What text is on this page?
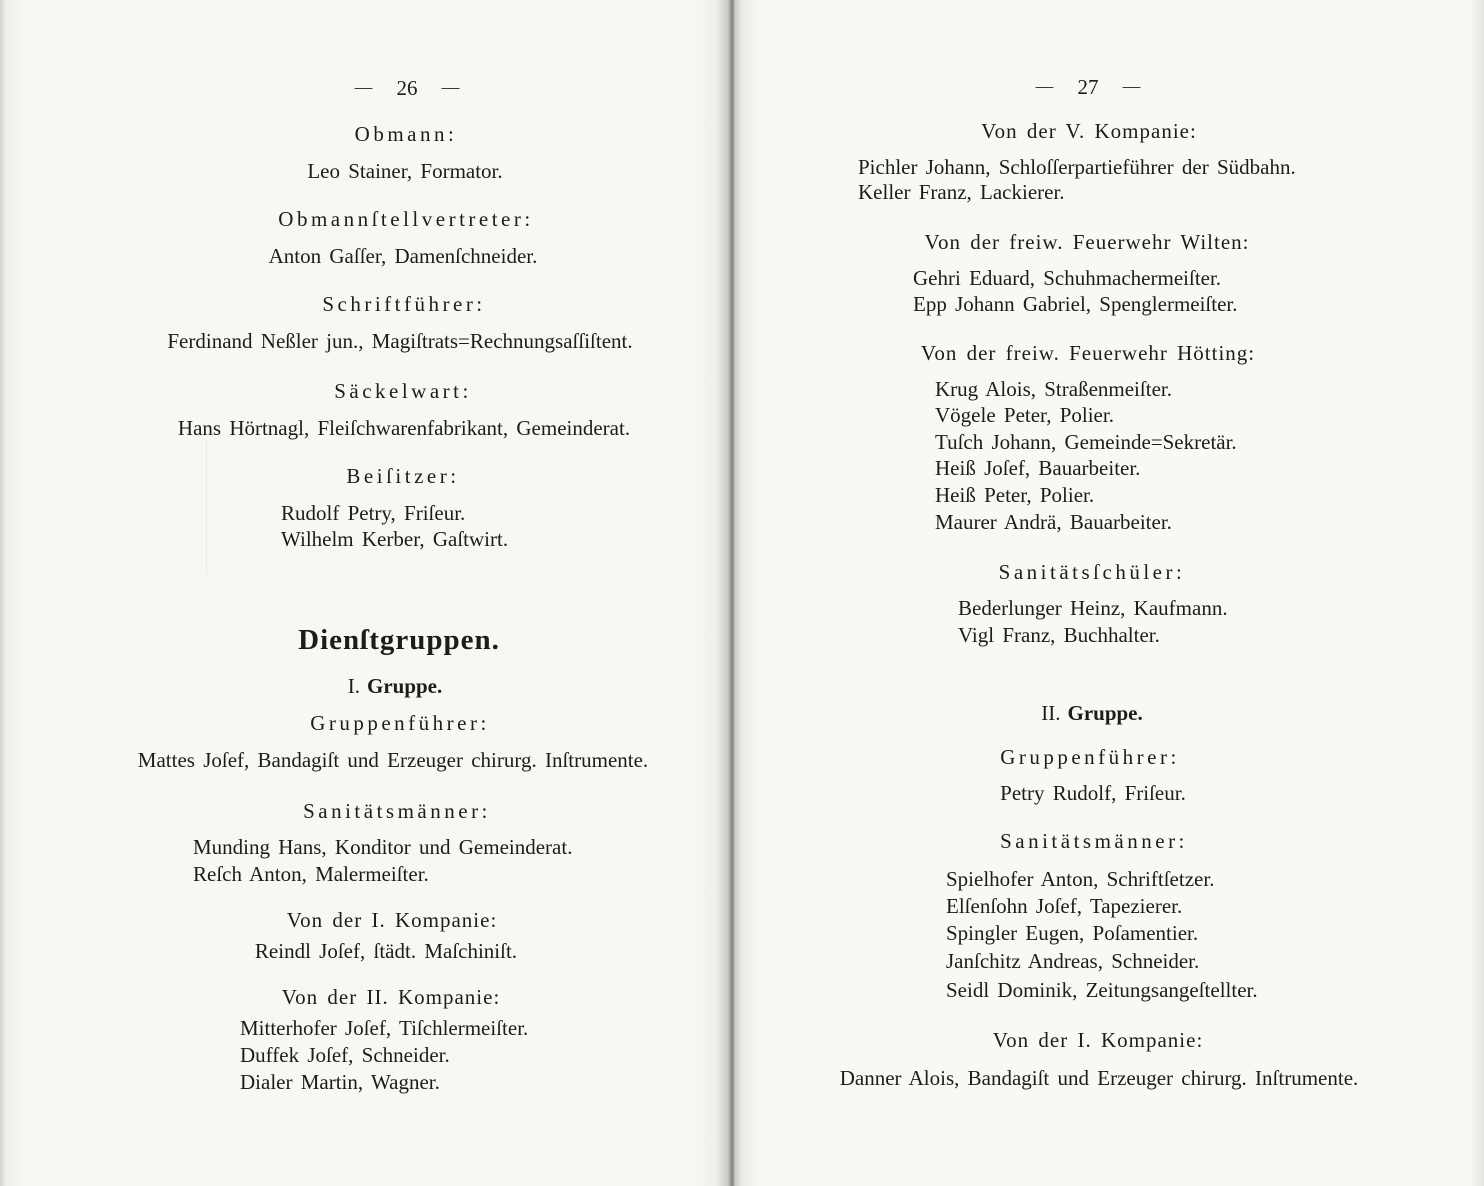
26
Obmann:
Leo Stainer, Formator.
Obmannſtellvertreter:
Anton Gaſſer, Damenſchneider.
Schriftführer:
Ferdinand Neßler jun., Magiſtrats=Rechnungsaſſiſtent.
Säckelwart:
Hans Hörtnagl, Fleiſchwarenfabrikant, Gemeinderat.
Beiſitzer:
Rudolf Petry, Friſeur.
Wilhelm Kerber, Gaſtwirt.
Dienſtgruppen.
I. Gruppe.
Gruppenführer:
Mattes Joſef, Bandagiſt und Erzeuger chirurg. Inſtrumente.
Sanitätsmänner:
Munding Hans, Konditor und Gemeinderat.
Reſch Anton, Malermeiſter.
Von der I. Kompanie:
Reindl Joſef, ſtädt. Maſchiniſt.
Von der II. Kompanie:
Mitterhofer Joſef, Tiſchlermeiſter.
Duffek Joſef, Schneider.
Dialer Martin, Wagner.
27
Von der V. Kompanie:
Pichler Johann, Schloſſerpartieführer der Südbahn.
Keller Franz, Lackierer.
Von der freiw. Feuerwehr Wilten:
Gehri Eduard, Schuhmachermeiſter.
Epp Johann Gabriel, Spenglermeiſter.
Von der freiw. Feuerwehr Hötting:
Krug Alois, Straßenmeiſter.
Vögele Peter, Polier.
Tuſch Johann, Gemeinde=Sekretär.
Heiß Joſef, Bauarbeiter.
Heiß Peter, Polier.
Maurer Andrä, Bauarbeiter.
Sanitätsſchüler:
Bederlunger Heinz, Kaufmann.
Vigl Franz, Buchhalter.
II. Gruppe.
Gruppenführer:
Petry Rudolf, Friſeur.
Sanitätsmänner:
Spielhofer Anton, Schriftſetzer.
Elſenſohn Joſef, Tapezierer.
Spingler Eugen, Poſamentier.
Janſchitz Andreas, Schneider.
Seidl Dominik, Zeitungsangeſtellter.
Von der I. Kompanie:
Danner Alois, Bandagiſt und Erzeuger chirurg. Inſtrumente.
